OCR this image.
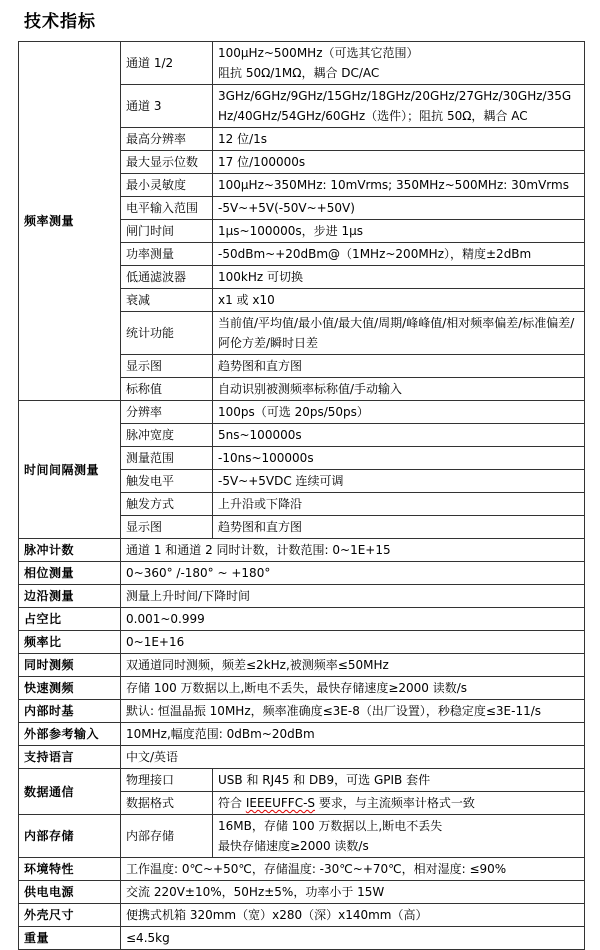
技术指标
频率测量	通道 1/2	100μHz~500MHz（可选其它范围）
阻抗 50Ω/1MΩ，耦合 DC/AC
	通道 3	3GHz/6GHz/9GHz/15GHz/18GHz/20GHz/27GHz/30GHz/35GHz/40GHz/54GHz/60GHz（选件）；阻抗 50Ω，耦合 AC
	最高分辨率	12 位/1s
	最大显示位数	17 位/100000s
	最小灵敏度	100μHz~350MHz: 10mVrms; 350MHz~500MHz: 30mVrms
	电平输入范围	-5V~+5V(-50V~+50V)
	闸门时间	1μs~100000s，步进 1μs
	功率测量	-50dBm~+20dBm@（1MHz~200MHz），精度±2dBm
	低通滤波器	100kHz 可切换
	衰减	x1 或 x10
	统计功能	当前值/平均值/最小值/最大值/周期/峰峰值/相对频率偏差/标准偏差/阿伦方差/瞬时日差
	显示图	趋势图和直方图
	标称值	自动识别被测频率标称值/手动输入
时间间隔测量	分辨率	100ps（可选 20ps/50ps）
	脉冲宽度	5ns~100000s
	测量范围	-10ns~100000s
	触发电平	-5V~+5VDC 连续可调
	触发方式	上升沿或下降沿
	显示图	趋势图和直方图
脉冲计数	通道 1 和通道 2 同时计数，计数范围: 0~1E+15	
相位测量	0~360° /-180° ~ +180°	
边沿测量	测量上升时间/下降时间	
占空比	0.001~0.999	
频率比	0~1E+16	
同时测频	双通道同时测频，频差≤2kHz,被测频率≤50MHz	
快速测频	存储 100 万数据以上,断电不丢失，最快存储速度≥2000 读数/s	
内部时基	默认: 恒温晶振 10MHz，频率准确度≤3E-8（出厂设置），秒稳定度≤3E-11/s	
外部参考输入	10MHz,幅度范围: 0dBm~20dBm	
支持语言	中文/英语	
数据通信	物理接口	USB 和 RJ45 和 DB9，可选 GPIB 套件
	数据格式	符合 IEEEUFFC-S 要求，与主流频率计格式一致
内部存储	内部存储	16MB，存储 100 万数据以上,断电不丢失
最快存储速度≥2000 读数/s
环境特性	工作温度: 0℃~+50℃，存储温度: -30℃~+70℃，相对湿度: ≤90%	
供电电源	交流 220V±10%，50Hz±5%，功率小于 15W	
外壳尺寸	便携式机箱 320mm（宽）x280（深）x140mm（高）	
重量	≤4.5kg	
